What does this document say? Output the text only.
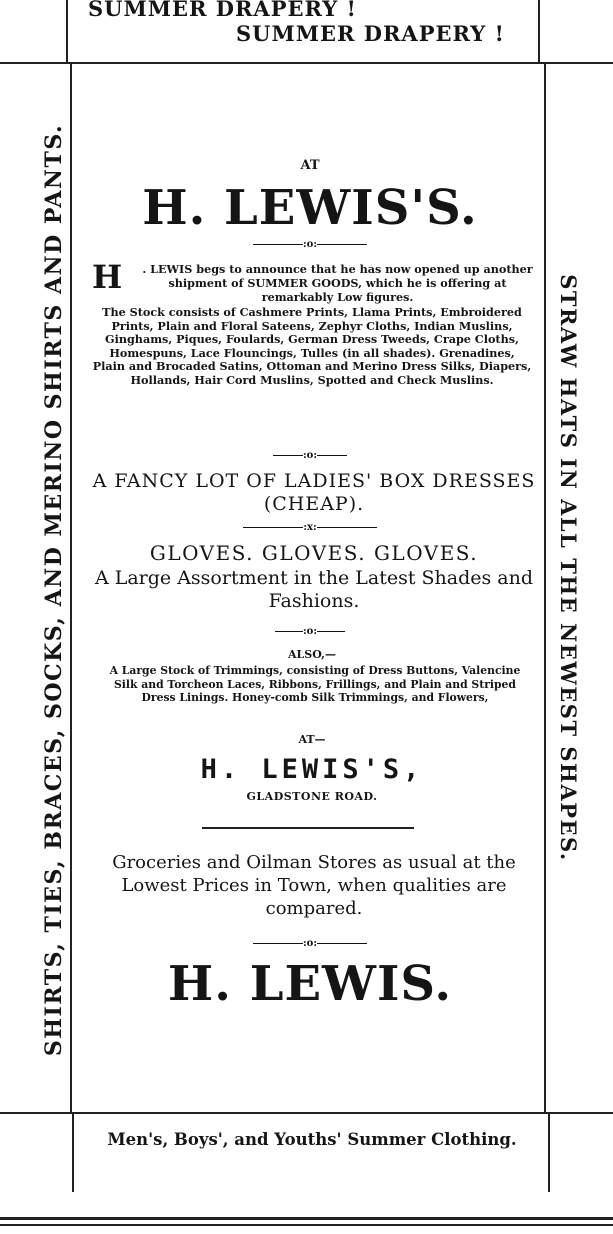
SUMMER DRAPERY !
SUMMER DRAPERY !
SHIRTS, TIES, BRACES, SOCKS, AND MERINO SHIRTS AND PANTS.	STRAW HATS IN ALL THE NEWEST SHAPES.
AT
H. LEWIS'S.
:o:
H . LEWIS begs to announce that he has now opened up another shipment of SUMMER GOODS, which he is offering at remarkably Low figures.
The Stock consists of Cashmere Prints, Llama Prints, Embroidered Prints, Plain and Floral Sateens, Zephyr Cloths, Indian Muslins, Ginghams, Piques, Foulards, German Dress Tweeds, Crape Cloths, Homespuns, Lace Flouncings, Tulles (in all shades). Grenadines, Plain and Brocaded Satins, Ottoman and Merino Dress Silks, Diapers, Hollands, Hair Cord Muslins, Spotted and Check Muslins.
:o:
A FANCY LOT OF LADIES' BOX DRESSES (CHEAP).
:x:
GLOVES. GLOVES. GLOVES.
A Large Assortment in the Latest Shades and Fashions.
:o:
ALSO,—
A Large Stock of Trimmings, consisting of Dress Buttons, Valencine Silk and Torcheon Laces, Ribbons, Frillings, and Plain and Striped Dress Linings. Honey-comb Silk Trimmings, and Flowers,
AT—
H. LEWIS'S,
GLADSTONE ROAD.
Groceries and Oilman Stores as usual at the Lowest Prices in Town, when qualities are compared.
:o:
H. LEWIS.
Men's, Boys', and Youths' Summer Clothing.
